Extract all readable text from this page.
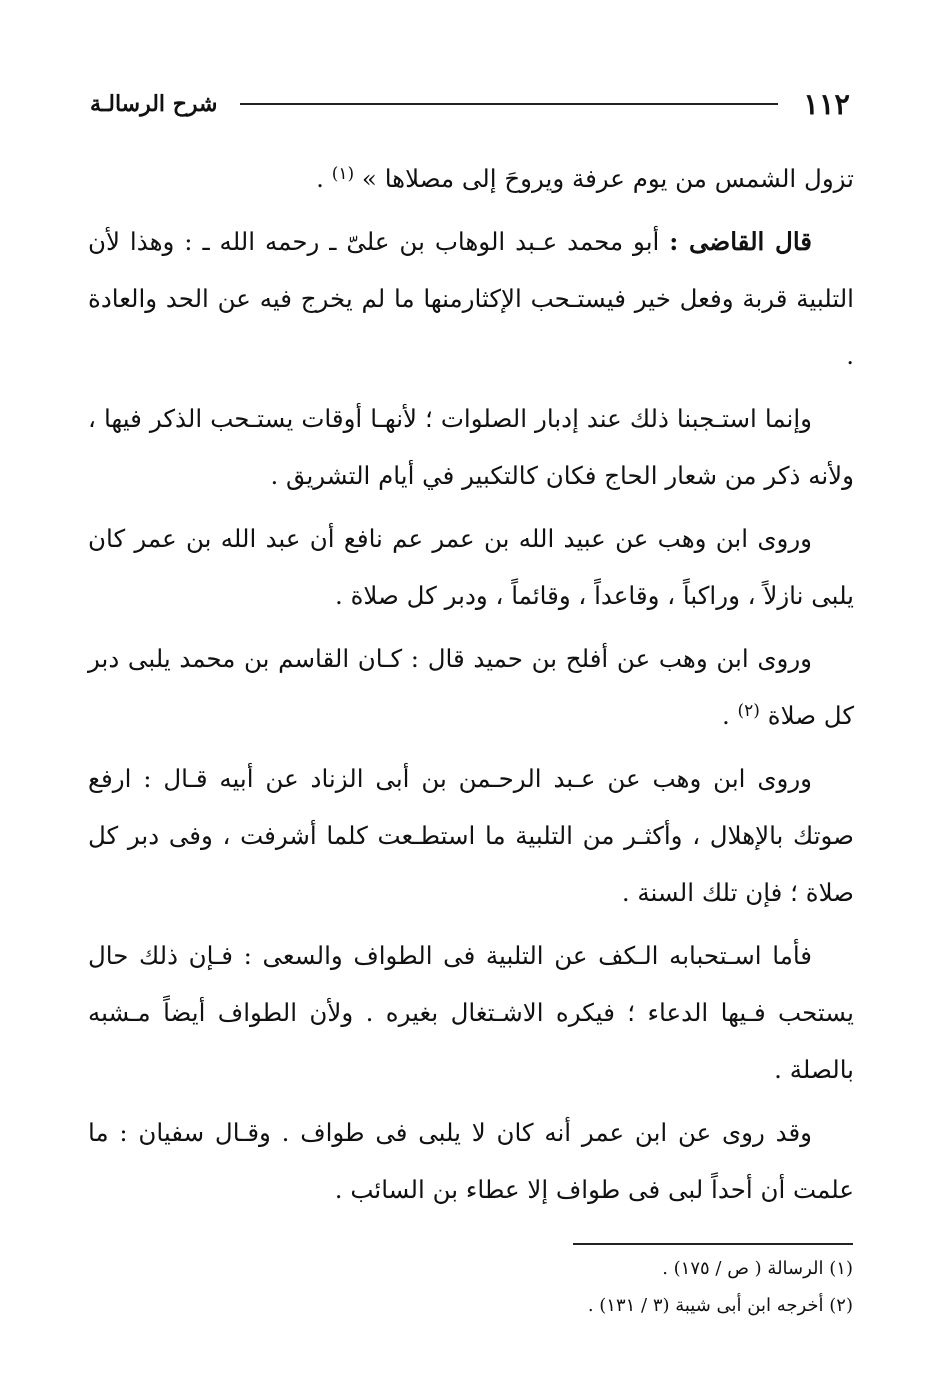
١١٢
شرح الرسالـة

تزول الشمس من يوم عرفة ويروحَ إلى مصلاها » $^{(١)}$ .

قال القاضى : أبو محمد عـبد الوهاب بن علىّ ـ رحمه الله ـ : وهذا لأن التلبية قربة وفعل خير فيستـحب الإكثارمنها ما لم يخرج فيه عن الحد والعادة .

وإنما استـجبنا ذلك عند إدبار الصلوات ؛ لأنهـا أوقات يستـحب الذكر فيها ، ولأنه ذكر من شعار الحاج فكان كالتكبير في أيام التشريق .

وروى ابن وهب عن عبيد الله بن عمر عم نافع أن عبد الله بن عمر كان يلبى نازلاً ، وراكباً ، وقاعداً ، وقائماً ، ودبر كل صلاة .

وروى ابن وهب عن أفلح بن حميد قال : كـان القاسم بن محمد يلبى دبر كل صلاة $^{(٢)}$ .

وروى ابن وهب عن عـبد الرحـمن بن أبى الزناد عن أبيه قـال : ارفع صوتك بالإهلال ، وأكثـر من التلبية ما استطـعت كلما أشرفت ، وفى دبر كل صلاة ؛ فإن تلك السنة .

فأما اسـتحبابه الـكف عن التلبية فى الطواف والسعى : فـإن ذلك حال يستحب فـيها الدعاء ؛ فيكره الاشـتغال بغيره . ولأن الطواف أيضاً مـشبه بالصلة .

وقد روى عن ابن عمر أنه كان لا يلبى فى طواف . وقـال سفيان : ما علمت أن أحداً لبى فى طواف إلا عطاء بن السائب .

(١) الرسالة ( ص / ١٧٥) .

(٢) أخرجه ابن أبى شيبة (٣ / ١٣١) .
